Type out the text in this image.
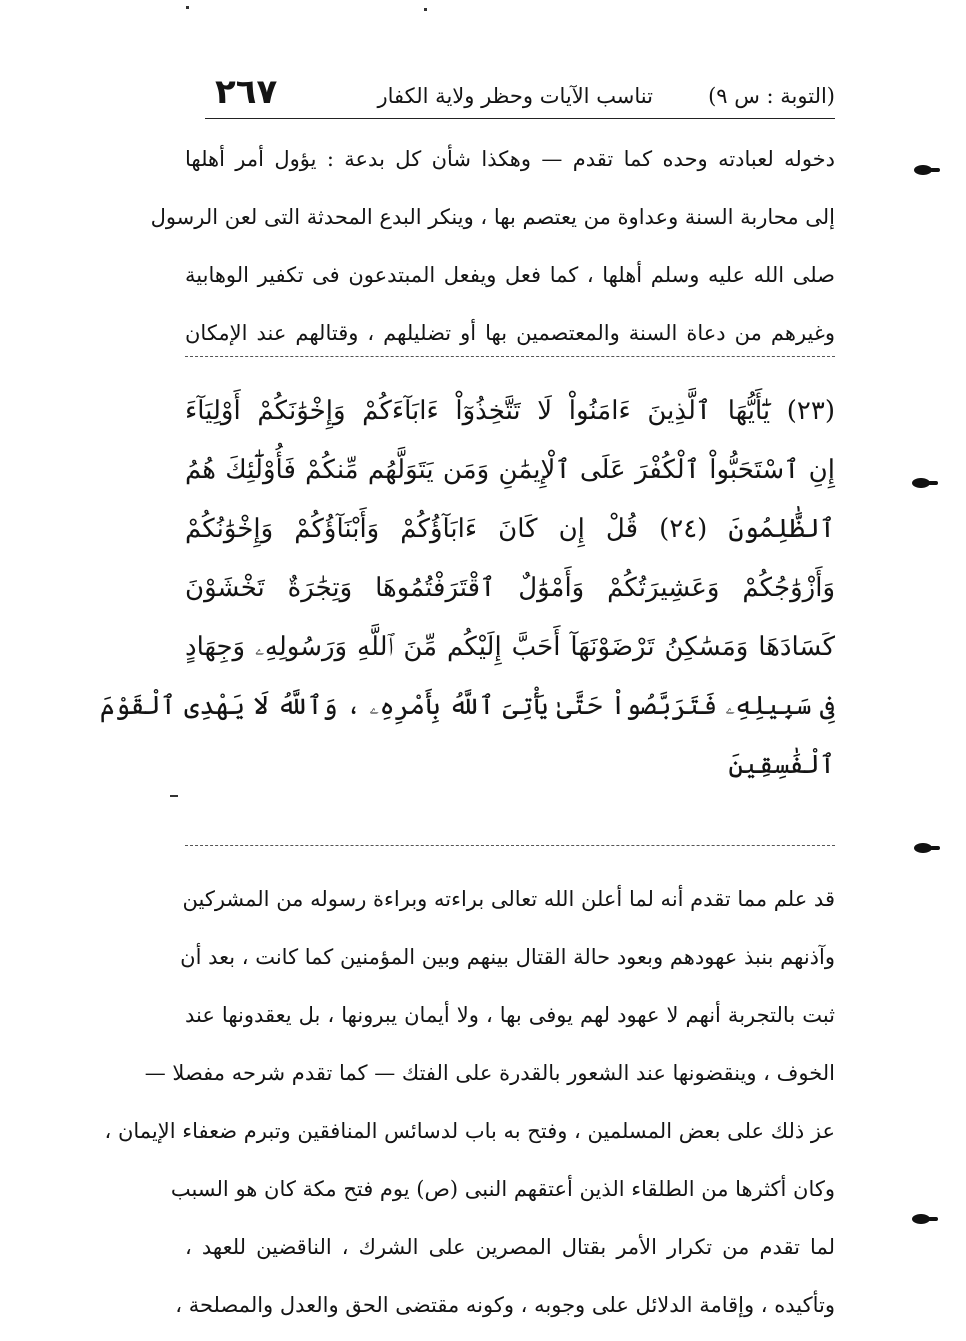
٢٦٧	تناسب الآيات وحظر ولاية الكفار	(التوبة : س ٩)
دخوله لعبادته وحده كما تقدم — وهكذا شأن كل بدعة : يؤول أمر أهلها
إلى محاربة السنة وعداوة من يعتصم بها ، وينكر البدع المحدثة التى لعن الرسول
صلى الله عليه وسلم أهلها ، كما فعل ويفعل المبتدعون فى تكفير الوهابية
وغيرهم من دعاة السنة والمعتصمين بها أو تضليلهم ، وقتالهم عند الإمكان
(٢٣) يَٰٓأَيُّهَا ٱلَّذِينَ ءَامَنُواْ لَا تَتَّخِذُوٓاْ ءَابَآءَكُمْ وَإِخْوَٰنَكُمْ أَوْلِيَآءَ
إِنِ ٱسْتَحَبُّواْ ٱلْكُفْرَ عَلَى ٱلْإِيمَٰنِ وَمَن يَتَوَلَّهُم مِّنكُمْ فَأُوْلَٰٓئِكَ هُمُ
ٱلظَّٰلِمُونَ (٢٤) قُلْ إِن كَانَ ءَابَآؤُكُمْ وَأَبْنَآؤُكُمْ وَإِخْوَٰنُكُمْ
وَأَزْوَٰجُكُمْ وَعَشِيرَتُكُمْ وَأَمْوَٰلٌ ٱقْتَرَفْتُمُوهَا وَتِجَٰرَةٌ تَخْشَوْنَ
كَسَادَهَا وَمَسَٰكِنُ تَرْضَوْنَهَآ أَحَبَّ إِلَيْكُم مِّنَ ٱللَّهِ وَرَسُولِهِۦ وَجِهَادٍ
فِى سَبِيلِهِۦ فَتَرَبَّصُواْ حَتَّىٰ يَأْتِىَ ٱللَّهُ بِأَمْرِهِۦ ، وَٱللَّهُ لَا يَهْدِى ٱلْقَوْمَ
ٱلْفَٰسِقِينَ
قد علم مما تقدم أنه لما أعلن الله تعالى براءته وبراءة رسوله من المشركين
وآذنهم بنبذ عهودهم وبعود حالة القتال بينهم وبين المؤمنين كما كانت ، بعد أن
ثبت بالتجربة أنهم لا عهود لهم يوفى بها ، ولا أيمان يبرونها ، بل يعقدونها عند
الخوف ، وينقضونها عند الشعور بالقدرة على الفتك — كما تقدم شرحه مفصلا —
عز ذلك على بعض المسلمين ، وفتح به باب لدسائس المنافقين وتبرم ضعفاء الإيمان ،
وكان أكثرها من الطلقاء الذين أعتقهم النبى (ص) يوم فتح مكة كان هو السبب
لما تقدم من تكرار الأمر بقتال المصرين على الشرك ، الناقضين للعهد ،
وتأكيده ، وإقامة الدلائل على وجوبه ، وكونه مقتضى الحق والعدل والمصلحة ،
